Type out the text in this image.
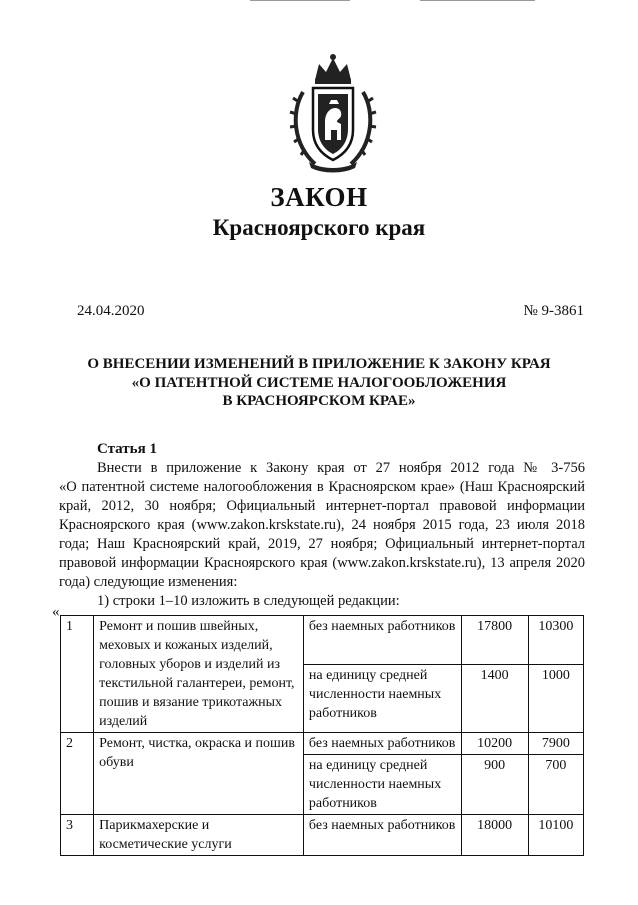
ЗАКОН
Красноярского края
24.04.2020	№ 9-3861
О ВНЕСЕНИИ ИЗМЕНЕНИЙ В ПРИЛОЖЕНИЕ К ЗАКОНУ КРАЯ
«О ПАТЕНТНОЙ СИСТЕМЕ НАЛОГООБЛОЖЕНИЯ
В КРАСНОЯРСКОМ КРАЕ»
Статья 1
Внести в приложение к Закону края от 27 ноября 2012 года № 3-756
«О патентной системе налогообложения в Красноярском крае» (Наш Красноярский
край, 2012, 30 ноября; Официальный интернет-портал правовой информации
Красноярского края (www.zakon.krskstate.ru), 24 ноября 2015 года, 23 июля 2018
года; Наш Красноярский край, 2019, 27 ноября; Официальный интернет-портал
правовой информации Красноярского края (www.zakon.krskstate.ru), 13 апреля 2020
года) следующие изменения:
1) строки 1–10 изложить в следующей редакции:
«
1	Ремонт и пошив швейных, меховых и кожаных изделий, головных уборов и изделий из текстильной галантереи, ремонт, пошив и вязание трикотажных изделий	без наемных работников	17800	10300
		на единицу средней численности наемных работников	1400	1000
2	Ремонт, чистка, окраска и пошив обуви	без наемных работников	10200	7900
		на единицу средней численности наемных работников	900	700
3	Парикмахерские и косметические услуги	без наемных работников	18000	10100
